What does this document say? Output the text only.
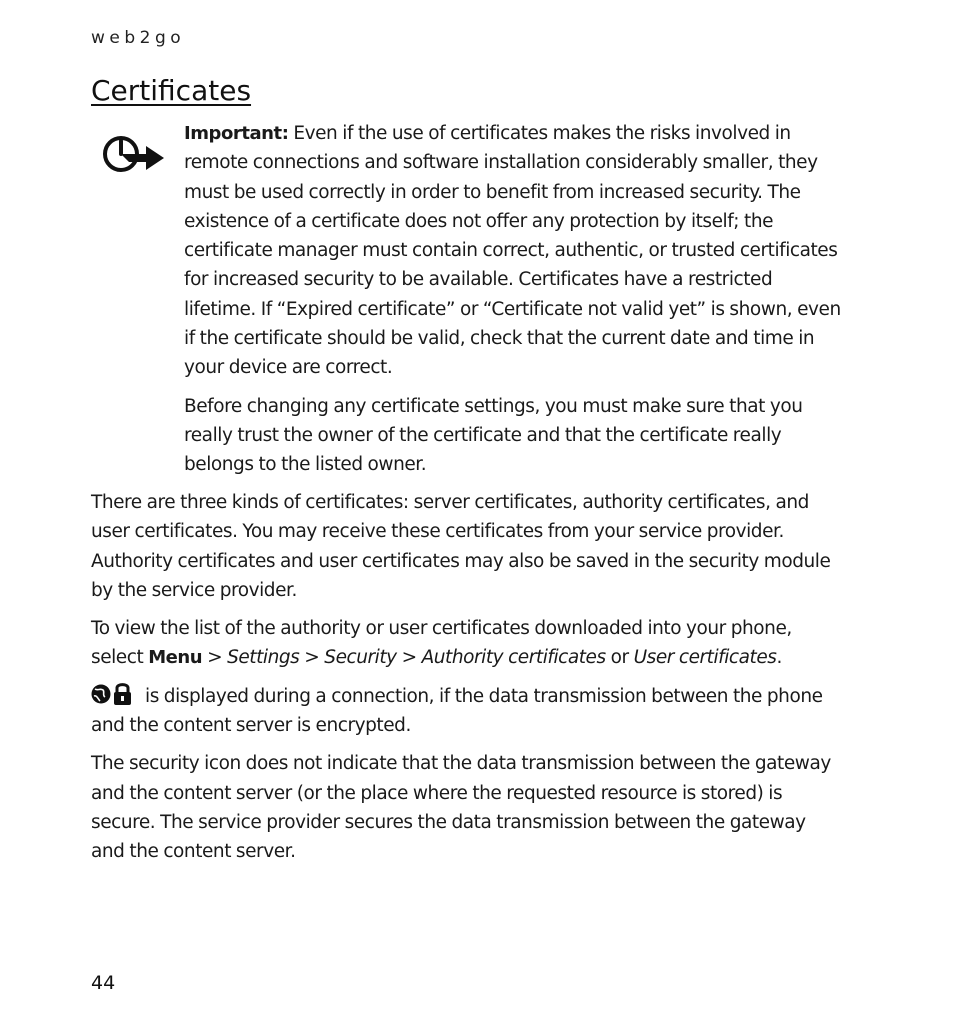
web2go
Certificates

Important: Even if the use of certificates makes the risks involved in remote connections and software installation considerably smaller, they must be used correctly in order to benefit from increased security. The existence of a certificate does not offer any protection by itself; the certificate manager must contain correct, authentic, or trusted certificates for increased security to be available. Certificates have a restricted lifetime. If “Expired certificate” or “Certificate not valid yet” is shown, even if the certificate should be valid, check that the current date and time in your device are correct.

Before changing any certificate settings, you must make sure that you really trust the owner of the certificate and that the certificate really belongs to the listed owner.

There are three kinds of certificates: server certificates, authority certificates, and user certificates. You may receive these certificates from your service provider. Authority certificates and user certificates may also be saved in the security module by the service provider.

To view the list of the authority or user certificates downloaded into your phone, select Menu > Settings > Security > Authority certificates or User certificates.

is displayed during a connection, if the data transmission between the phone and the content server is encrypted.

The security icon does not indicate that the data transmission between the gateway and the content server (or the place where the requested resource is stored) is secure. The service provider secures the data transmission between the gateway and the content server.

44
